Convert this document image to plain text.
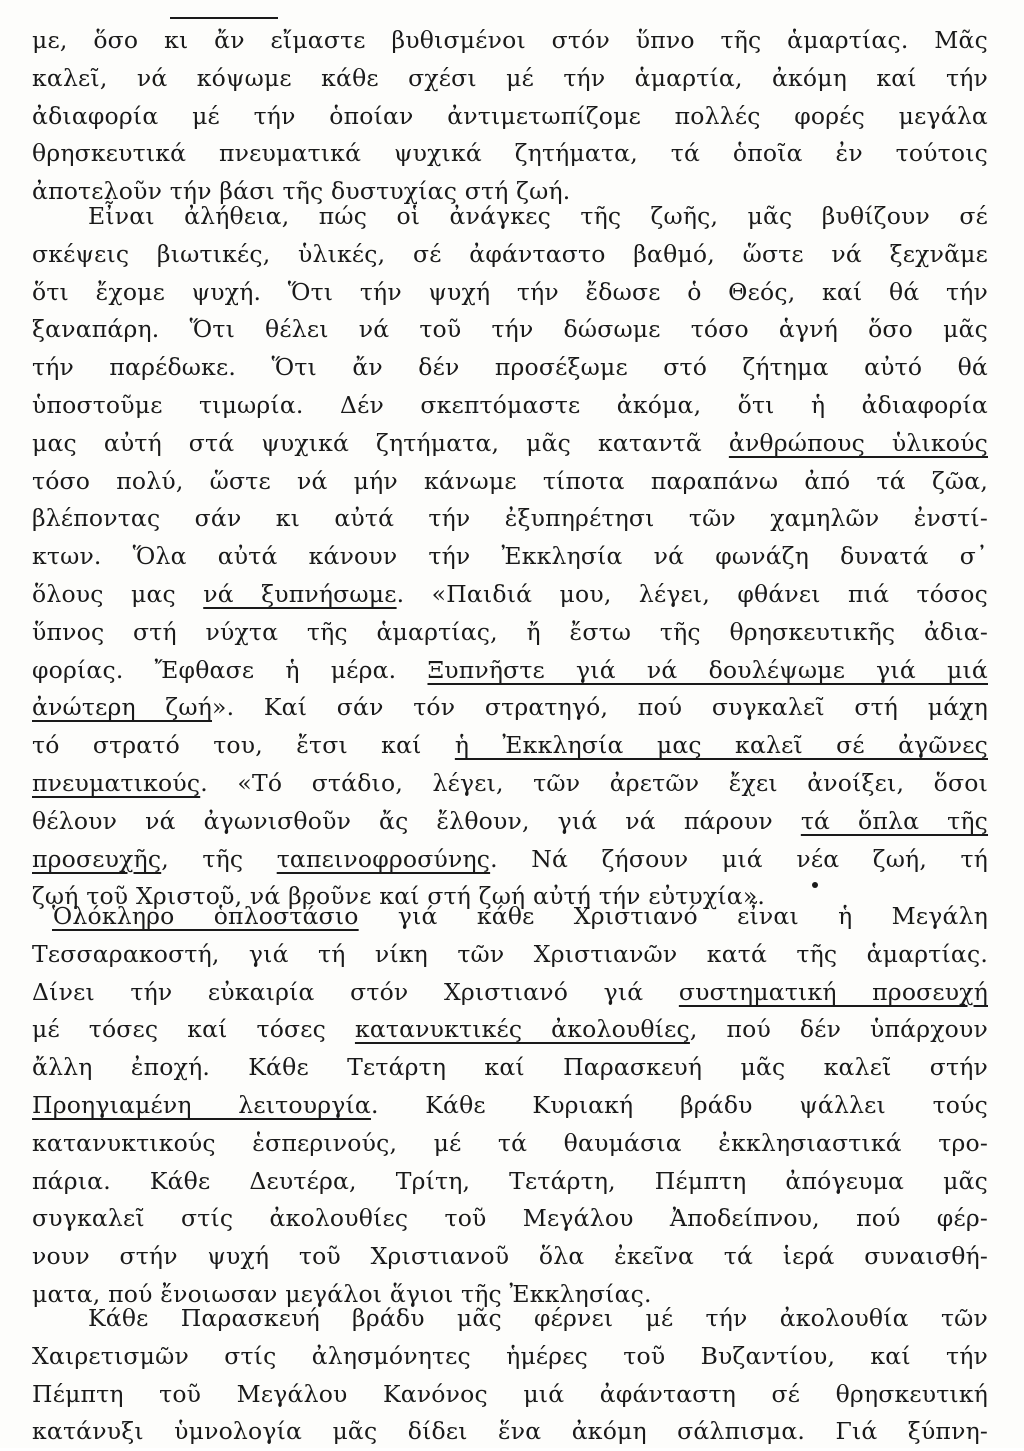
με, ὅσο κι ἄν εἴμαστε βυθισμένοι στόν ὕπνο τῆς ἁμαρτίας. Μᾶς
καλεῖ, νά κόψωμε κάθε σχέσι μέ τήν ἁμαρτία, ἀκόμη καί τήν
ἀδιαφορία μέ τήν ὁποίαν ἀντιμετωπίζομε πολλές φορές μεγάλα
θρησκευτικά πνευματικά ψυχικά ζητήματα, τά ὁποῖα ἐν τούτοις
ἀποτελοῦν τήν βάσι τῆς δυστυχίας στή ζωή.
Εἶναι ἀλήθεια, πώς οἱ ἀνάγκες τῆς ζωῆς, μᾶς βυθίζουν σέ
σκέψεις βιωτικές, ὑλικές, σέ ἀφάνταστο βαθμό, ὥστε νά ξεχνᾶμε
ὅτι ἔχομε ψυχή. Ὅτι τήν ψυχή τήν ἔδωσε ὁ Θεός, καί θά τήν
ξαναπάρη. Ὅτι θέλει νά τοῦ τήν δώσωμε τόσο ἁγνή ὅσο μᾶς
τήν παρέδωκε. Ὅτι ἄν δέν προσέξωμε στό ζήτημα αὐτό θά
ὑποστοῦμε τιμωρία. Δέν σκεπτόμαστε ἀκόμα, ὅτι ἡ ἀδιαφορία
μας αὐτή στά ψυχικά ζητήματα, μᾶς καταντᾶ ἀνθρώπους ὑλικούς
τόσο πολύ, ὥστε νά μήν κάνωμε τίποτα παραπάνω ἀπό τά ζῶα,
βλέποντας σάν κι αὐτά τήν ἐξυπηρέτησι τῶν χαμηλῶν ἐνστί-
κτων. Ὅλα αὐτά κάνουν τήν Ἐκκλησία νά φωνάζη δυνατά σ᾽
ὅλους μας νά ξυπνήσωμε. «Παιδιά μου, λέγει, φθάνει πιά τόσος
ὕπνος στή νύχτα τῆς ἁμαρτίας, ἤ ἔστω τῆς θρησκευτικῆς ἀδια-
φορίας. Ἔφθασε ἡ μέρα. Ξυπνῆστε γιά νά δουλέψωμε γιά μιά
ἀνώτερη ζωή». Καί σάν τόν στρατηγό, πού συγκαλεῖ στή μάχη
τό στρατό του, ἔτσι καί ἡ Ἐκκλησία μας καλεῖ σέ ἀγῶνες
πνευματικούς. «Τό στάδιο, λέγει, τῶν ἀρετῶν ἔχει ἀνοίξει, ὅσοι
θέλουν νά ἀγωνισθοῦν ἄς ἔλθουν, γιά νά πάρουν τά ὅπλα τῆς
προσευχῆς, τῆς ταπεινοφροσύνης. Νά ζήσουν μιά νέα ζωή, τή
ζωή τοῦ Χριστοῦ, νά βροῦνε καί στή ζωή αὐτή τήν εὐτυχία».
Ὁλόκληρο ὁπλοστάσιο γιά κάθε Χριστιανό εἶναι ἡ Μεγάλη
Τεσσαρακοστή, γιά τή νίκη τῶν Χριστιανῶν κατά τῆς ἁμαρτίας.
Δίνει τήν εὐκαιρία στόν Χριστιανό γιά συστηματική προσευχή
μέ τόσες καί τόσες κατανυκτικές ἀκολουθίες, πού δέν ὑπάρχουν
ἄλλη ἐποχή. Κάθε Τετάρτη καί Παρασκευή μᾶς καλεῖ στήν
Προηγιαμένη λειτουργία. Κάθε Κυριακή βράδυ ψάλλει τούς
κατανυκτικούς ἑσπερινούς, μέ τά θαυμάσια ἐκκλησιαστικά τρο-
πάρια. Κάθε Δευτέρα, Τρίτη, Τετάρτη, Πέμπτη ἀπόγευμα μᾶς
συγκαλεῖ στίς ἀκολουθίες τοῦ Μεγάλου Ἀποδείπνου, πού φέρ-
νουν στήν ψυχή τοῦ Χριστιανοῦ ὅλα ἐκεῖνα τά ἱερά συναισθή-
ματα, πού ἔνοιωσαν μεγάλοι ἅγιοι τῆς Ἐκκλησίας.
Κάθε Παρασκευή βράδυ μᾶς φέρνει μέ τήν ἀκολουθία τῶν
Χαιρετισμῶν στίς ἀλησμόνητες ἡμέρες τοῦ Βυζαντίου, καί τήν
Πέμπτη τοῦ Μεγάλου Κανόνος μιά ἀφάνταστη σέ θρησκευτική
κατάνυξι ὑμνολογία μᾶς δίδει ἕνα ἀκόμη σάλπισμα. Γιά ξύπνη-
